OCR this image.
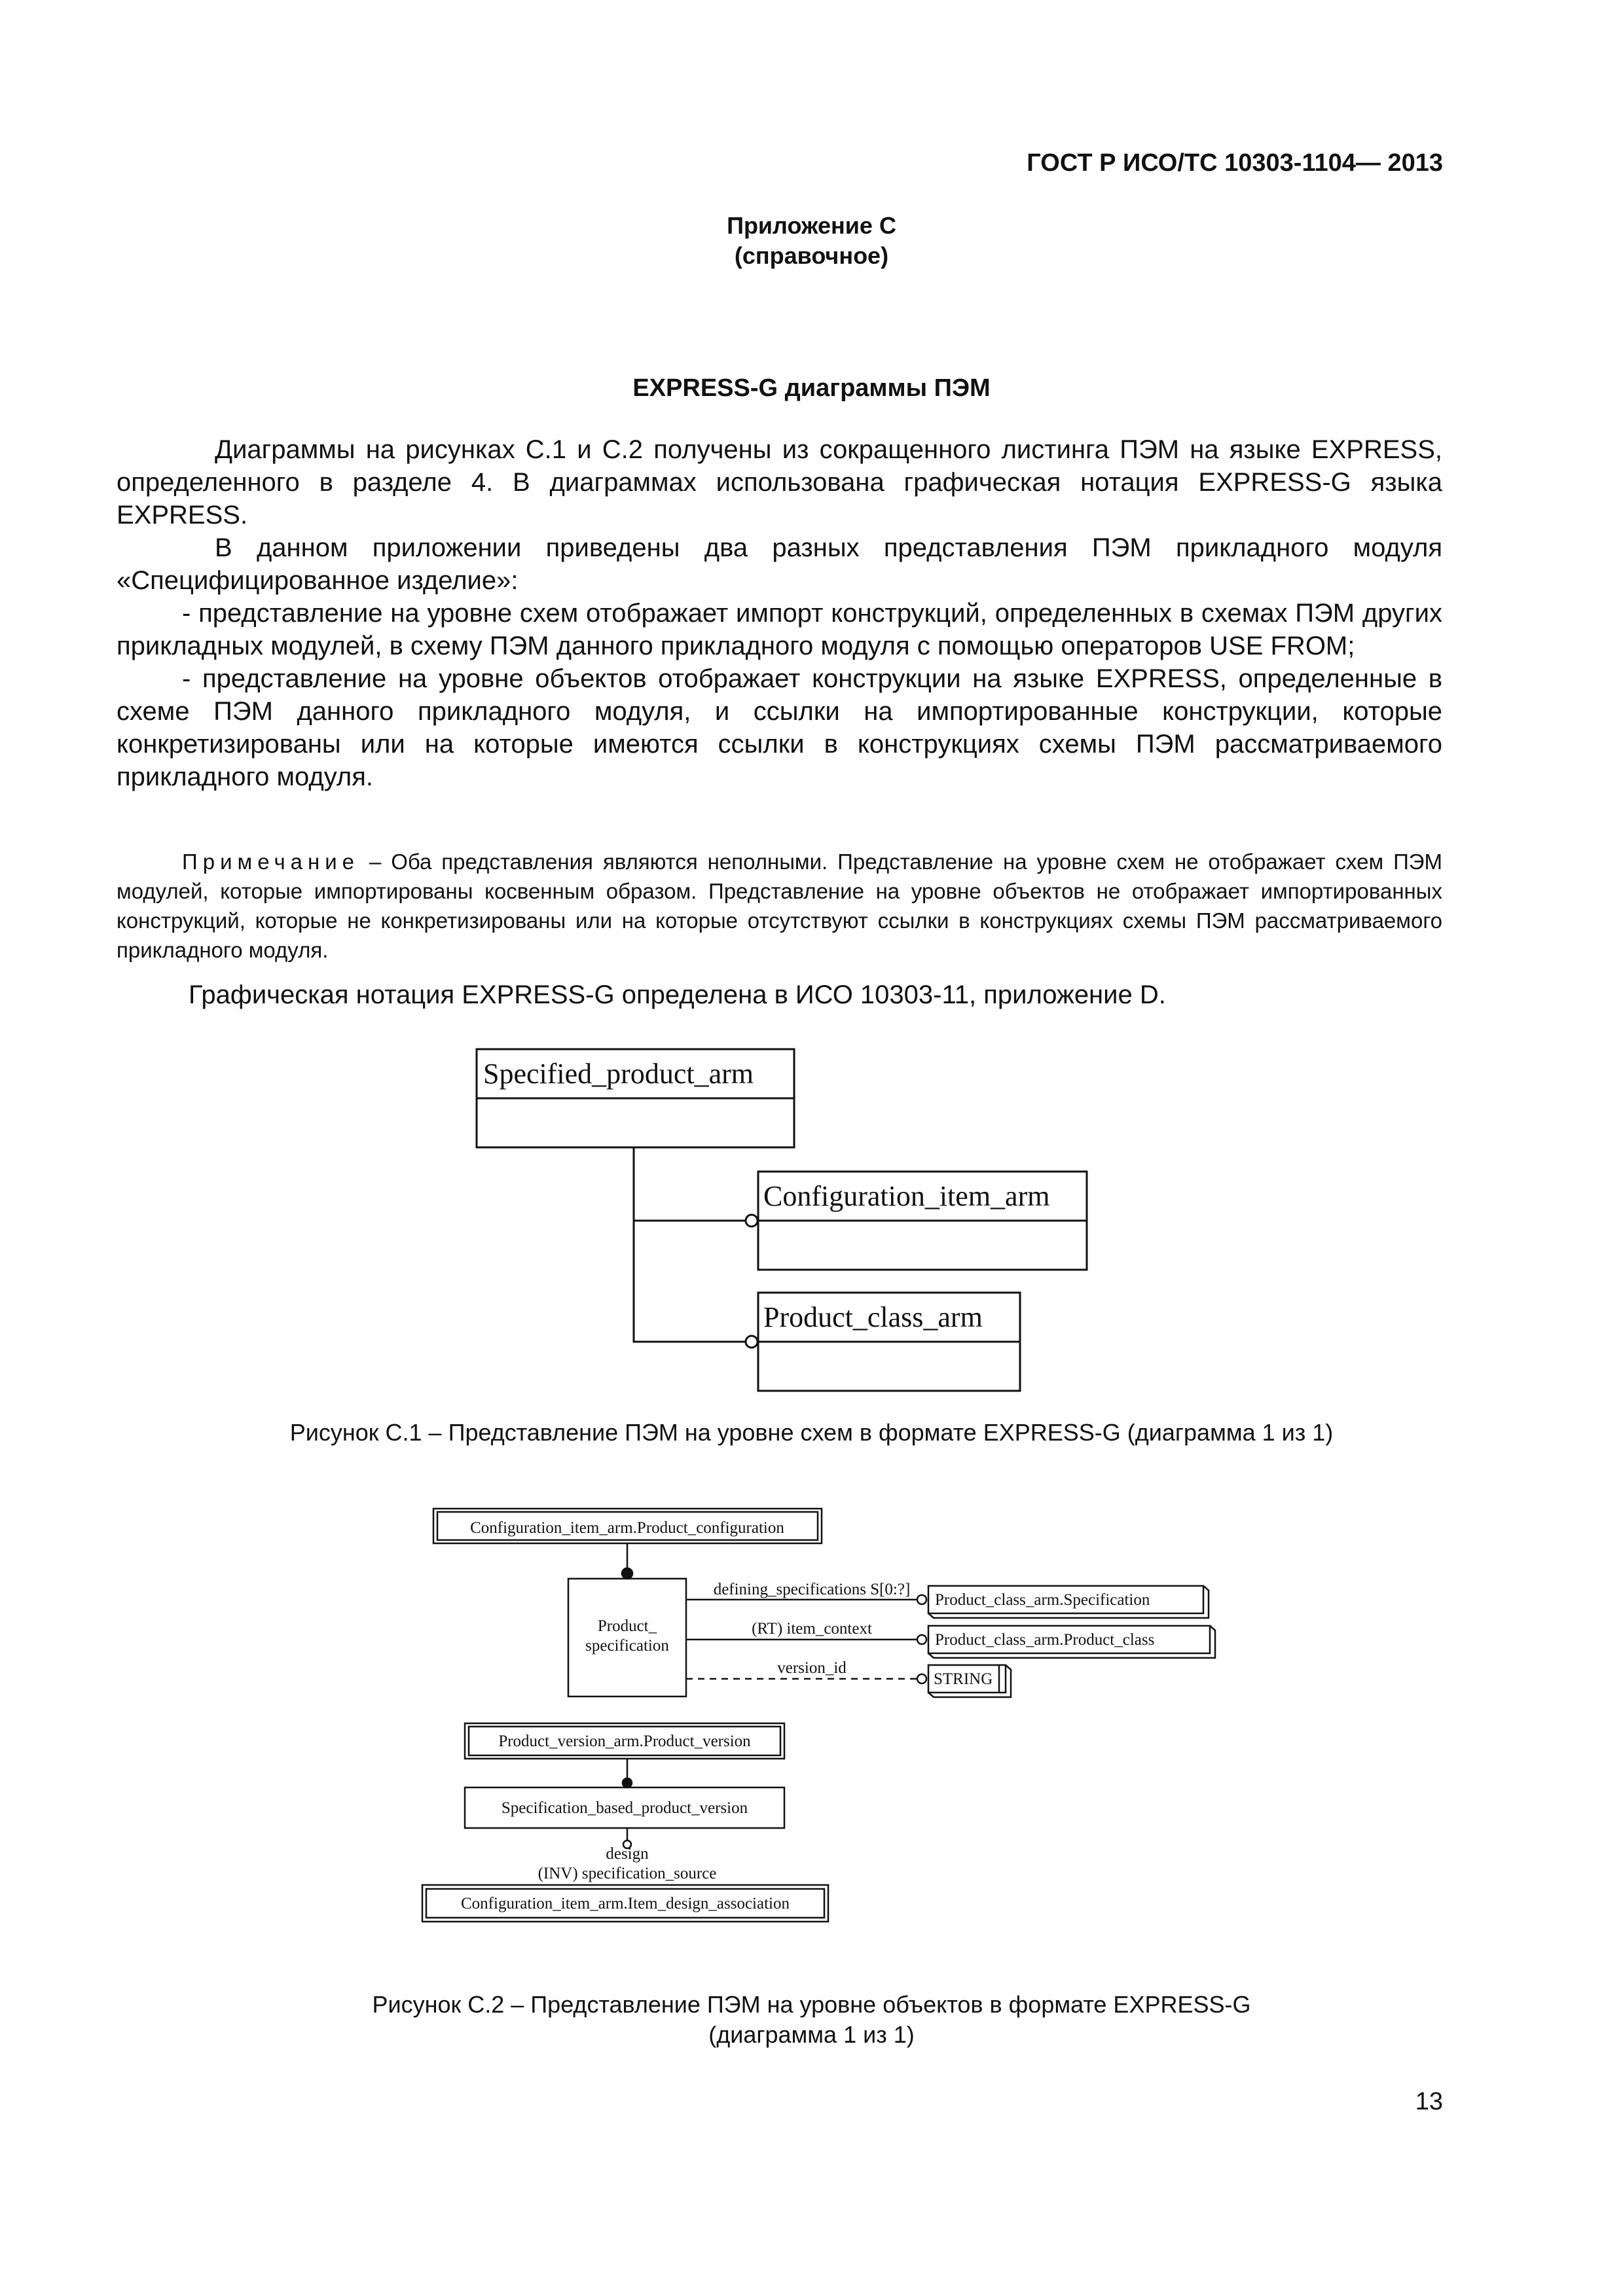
ГОСТ Р ИСО/ТС 10303-1104— 2013
Приложение С
(справочное)
EXPRESS-G диаграммы ПЭМ

Диаграммы на рисунках С.1 и С.2 получены из сокращенного листинга ПЭМ на языке EXPRESS, определенного в разделе 4. В диаграммах использована графическая нотация EXPRESS-G языка EXPRESS.

В данном приложении приведены два разных представления ПЭМ прикладного модуля «Специфицированное изделие»:

- представление на уровне схем отображает импорт конструкций, определенных в схемах ПЭМ других прикладных модулей, в схему ПЭМ данного прикладного модуля с помощью операторов USE FROM;

- представление на уровне объектов отображает конструкции на языке EXPRESS, определенные в схеме ПЭМ данного прикладного модуля, и ссылки на импортированные конструкции, которые конкретизированы или на которые имеются ссылки в конструкциях схемы ПЭМ рассматриваемого прикладного модуля.

Примечание – Оба представления являются неполными. Представление на уровне схем не отображает схем ПЭМ модулей, которые импортированы косвенным образом. Представление на уровне объектов не отображает импортированных конструкций, которые не конкретизированы или на которые отсутствуют ссылки в конструкциях схемы ПЭМ рассматриваемого прикладного модуля.

Графическая нотация EXPRESS-G определена в ИСО 10303-11, приложение D.
Specified_product_arm
Configuration_item_arm
Product_class_arm
Configuration_item_arm.Product_configuration
Product_
specification
defining_specifications S[0:?]
(RT) item_context
version_id
Product_class_arm.Specification
Product_class_arm.Product_class
STRING
Product_version_arm.Product_version
Specification_based_product_version
design
(INV) specification_source
Configuration_item_arm.Item_design_association
Рисунок С.1 – Представление ПЭМ на уровне схем в формате EXPRESS-G (диаграмма 1 из 1)
Рисунок С.2 – Представление ПЭМ на уровне объектов в формате EXPRESS-G
(диаграмма 1 из 1)
13
